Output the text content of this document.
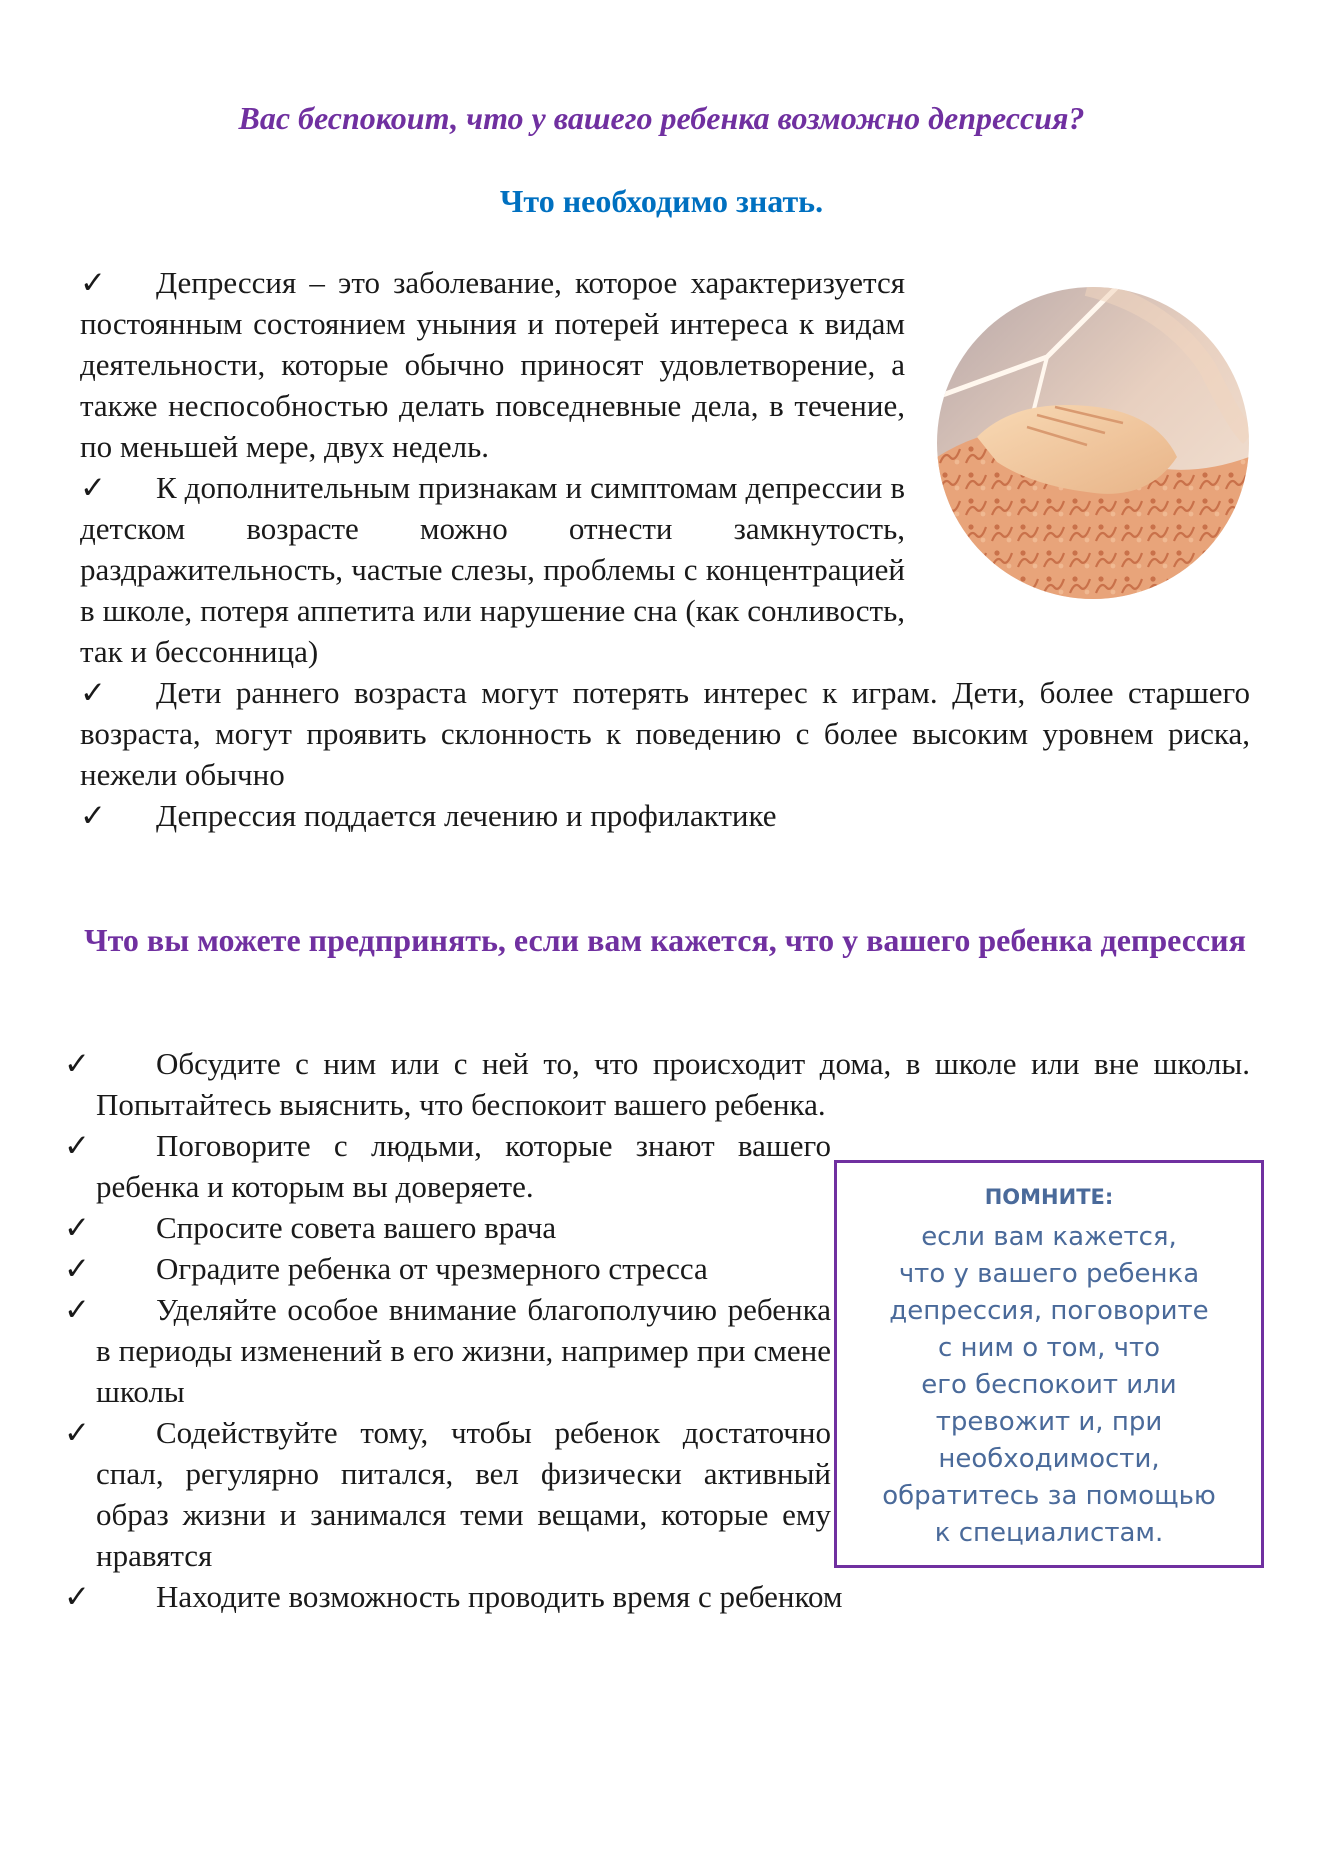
Вас беспокоит, что у вашего ребенка возможно депрессия?
Что необходимо знать.
✓ Депрессия – это заболевание, которое характеризуется постоянным состоянием уныния и потерей интереса к видам деятельности, которые обычно приносят удовлетворение, а также неспособностью делать повседневные дела, в течение, по меньшей мере, двух недель.
✓ К дополнительным признакам и симптомам депрессии в детском возрасте можно отнести замкнутость, раздражительность, частые слезы, проблемы с концентрацией в школе, потеря аппетита или нарушение сна (как сонливость, так и бессонница)
✓ Дети раннего возраста могут потерять интерес к играм. Дети, более старшего возраста, могут проявить склонность к поведению с более высоким уровнем риска, нежели обычно
✓ Депрессия поддается лечению и профилактике
Что вы можете предпринять, если вам кажется, что у вашего ребенка депрессия
✓ Обсудите с ним или с ней то, что происходит дома, в школе или вне школы. Попытайтесь выяснить, что беспокоит вашего ребенка.
✓ Поговорите с людьми, которые знают вашего ребенка и которым вы доверяете.
✓ Спросите совета вашего врача
✓ Оградите ребенка от чрезмерного стресса
✓ Уделяйте особое внимание благополучию ребенка в периоды изменений в его жизни, например при смене школы
✓ Содействуйте тому, чтобы ребенок достаточно спал, регулярно питался, вел физически активный образ жизни и занимался теми вещами, которые ему нравятся
✓ Находите возможность проводить время с ребенком
ПОМНИТЕ:
если вам кажется,
что у вашего ребенка
депрессия, поговорите
с ним о том, что
его беспокоит или
тревожит и, при
необходимости,
обратитесь за помощью
к специалистам.
